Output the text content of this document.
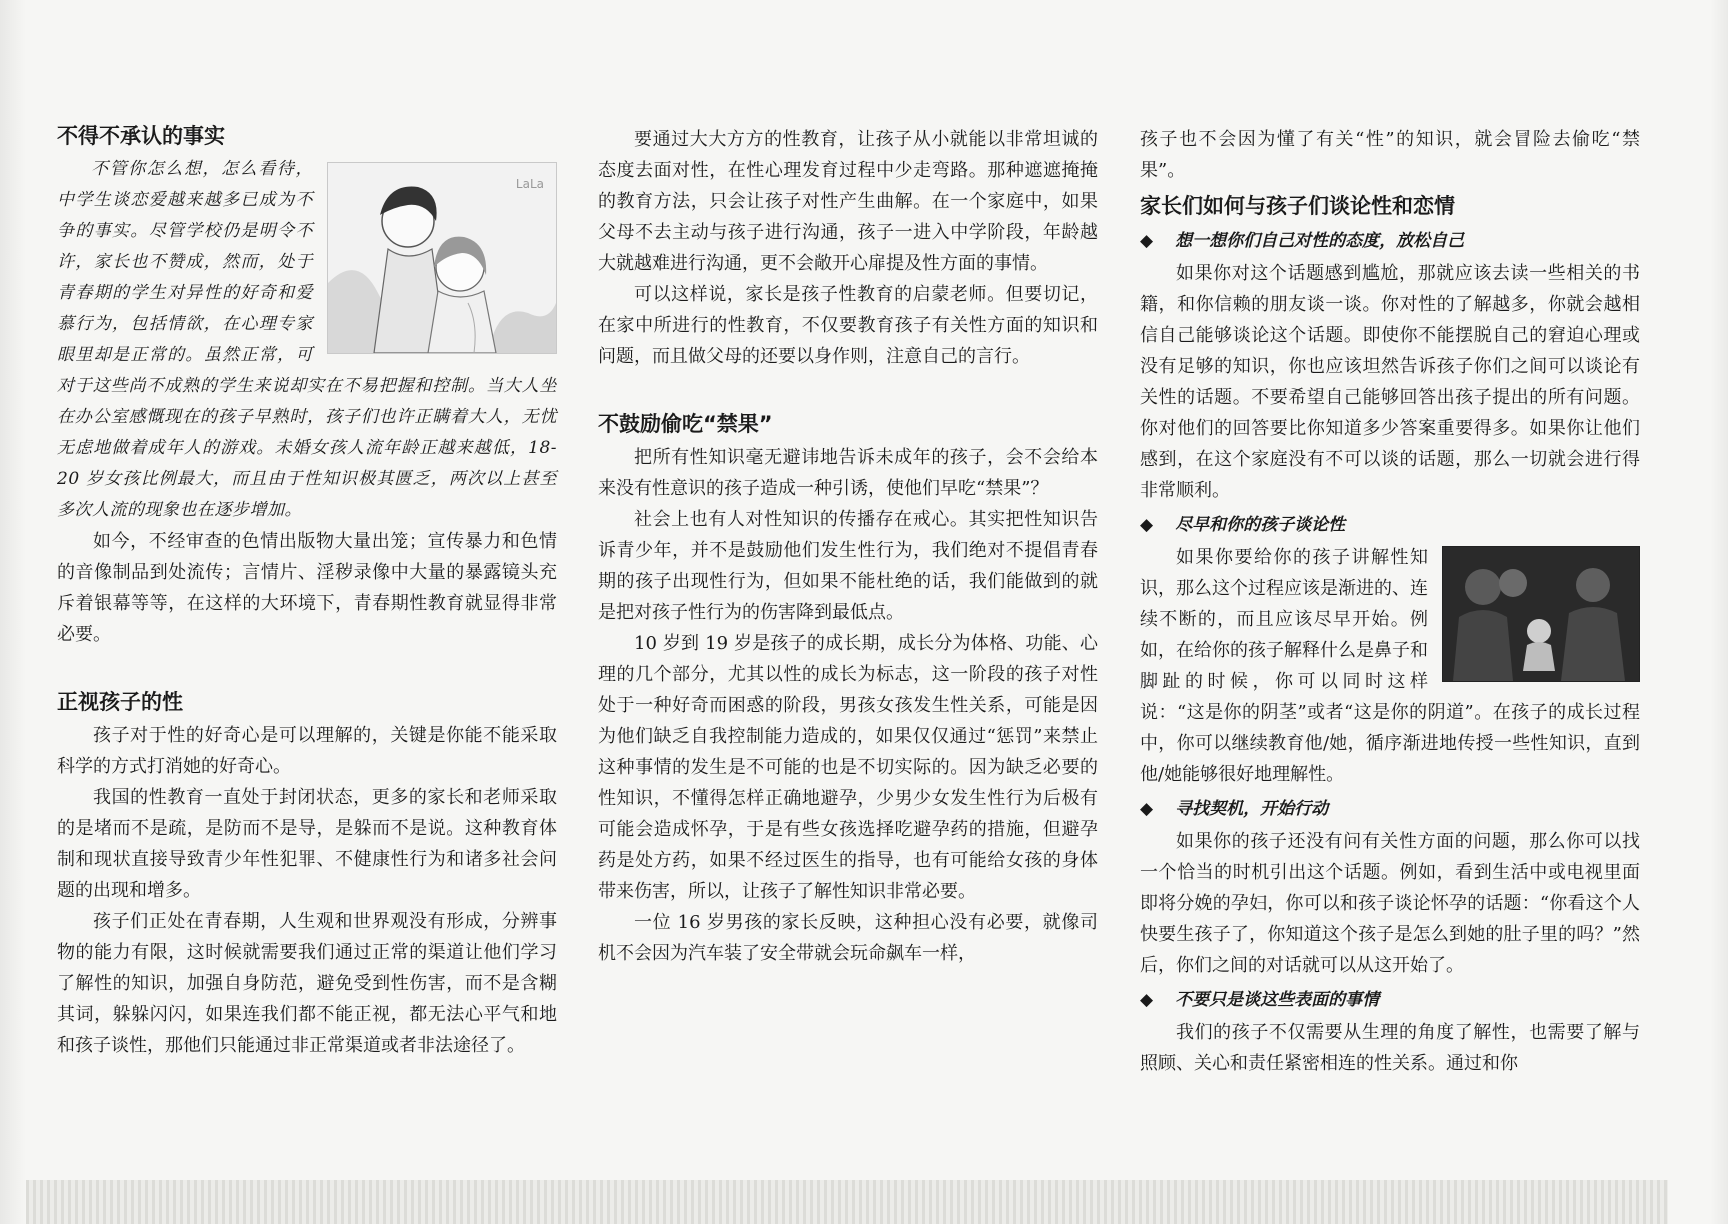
不得不承认的事实
LaLa

不管你怎么想，怎么看待，中学生谈恋爱越来越多已成为不争的事实。尽管学校仍是明令不许，家长也不赞成，然而，处于青春期的学生对异性的好奇和爱慕行为，包括情欲，在心理专家眼里却是正常的。虽然正常，可对于这些尚不成熟的学生来说却实在不易把握和控制。当大人坐在办公室感慨现在的孩子早熟时，孩子们也许正瞒着大人，无忧无虑地做着成年人的游戏。未婚女孩人流年龄正越来越低，18-20 岁女孩比例最大，而且由于性知识极其匮乏，两次以上甚至多次人流的现象也在逐步增加。

如今，不经审查的色情出版物大量出笼；宣传暴力和色情的音像制品到处流传；言情片、淫秽录像中大量的暴露镜头充斥着银幕等等，在这样的大环境下，青春期性教育就显得非常必要。

正视孩子的性

孩子对于性的好奇心是可以理解的，关键是你能不能采取科学的方式打消她的好奇心。

我国的性教育一直处于封闭状态，更多的家长和老师采取的是堵而不是疏，是防而不是导，是躲而不是说。这种教育体制和现状直接导致青少年性犯罪、不健康性行为和诸多社会问题的出现和增多。

孩子们正处在青春期，人生观和世界观没有形成，分辨事物的能力有限，这时候就需要我们通过正常的渠道让他们学习了解性的知识，加强自身防范，避免受到性伤害，而不是含糊其词，躲躲闪闪，如果连我们都不能正视，都无法心平气和地和孩子谈性，那他们只能通过非正常渠道或者非法途径了。

要通过大大方方的性教育，让孩子从小就能以非常坦诚的态度去面对性，在性心理发育过程中少走弯路。那种遮遮掩掩的教育方法，只会让孩子对性产生曲解。在一个家庭中，如果父母不去主动与孩子进行沟通，孩子一进入中学阶段，年龄越大就越难进行沟通，更不会敞开心扉提及性方面的事情。

可以这样说，家长是孩子性教育的启蒙老师。但要切记，在家中所进行的性教育，不仅要教育孩子有关性方面的知识和问题，而且做父母的还要以身作则，注意自己的言行。

不鼓励偷吃“禁果”

把所有性知识毫无避讳地告诉未成年的孩子，会不会给本来没有性意识的孩子造成一种引诱，使他们早吃“禁果”？

社会上也有人对性知识的传播存在戒心。其实把性知识告诉青少年，并不是鼓励他们发生性行为，我们绝对不提倡青春期的孩子出现性行为，但如果不能杜绝的话，我们能做到的就是把对孩子性行为的伤害降到最低点。

10 岁到 19 岁是孩子的成长期，成长分为体格、功能、心理的几个部分，尤其以性的成长为标志，这一阶段的孩子对性处于一种好奇而困惑的阶段，男孩女孩发生性关系，可能是因为他们缺乏自我控制能力造成的，如果仅仅通过“惩罚”来禁止这种事情的发生是不可能的也是不切实际的。因为缺乏必要的性知识，不懂得怎样正确地避孕，少男少女发生性行为后极有可能会造成怀孕，于是有些女孩选择吃避孕药的措施，但避孕药是处方药，如果不经过医生的指导，也有可能给女孩的身体带来伤害，所以，让孩子了解性知识非常必要。

一位 16 岁男孩的家长反映，这种担心没有必要，就像司机不会因为汽车装了安全带就会玩命飙车一样，

孩子也不会因为懂了有关“性”的知识，就会冒险去偷吃“禁果”。

家长们如何与孩子们谈论性和恋情
◆ 想一想你们自己对性的态度，放松自己

如果你对这个话题感到尴尬，那就应该去读一些相关的书籍，和你信赖的朋友谈一谈。你对性的了解越多，你就会越相信自己能够谈论这个话题。即使你不能摆脱自己的窘迫心理或没有足够的知识，你也应该坦然告诉孩子你们之间可以谈论有关性的话题。不要希望自己能够回答出孩子提出的所有问题。你对他们的回答要比你知道多少答案重要得多。如果你让他们感到，在这个家庭没有不可以谈的话题，那么一切就会进行得非常顺利。

◆ 尽早和你的孩子谈论性

如果你要给你的孩子讲解性知识，那么这个过程应该是渐进的、连续不断的，而且应该尽早开始。例如，在给你的孩子解释什么是鼻子和脚趾的时候，你可以同时这样说：“这是你的阴茎”或者“这是你的阴道”。在孩子的成长过程中，你可以继续教育他/她，循序渐进地传授一些性知识，直到他/她能够很好地理解性。

◆ 寻找契机，开始行动

如果你的孩子还没有问有关性方面的问题，那么你可以找一个恰当的时机引出这个话题。例如，看到生活中或电视里面即将分娩的孕妇，你可以和孩子谈论怀孕的话题：“你看这个人快要生孩子了，你知道这个孩子是怎么到她的肚子里的吗？”然后，你们之间的对话就可以从这开始了。

◆ 不要只是谈这些表面的事情

我们的孩子不仅需要从生理的角度了解性，也需要了解与照顾、关心和责任紧密相连的性关系。通过和你
